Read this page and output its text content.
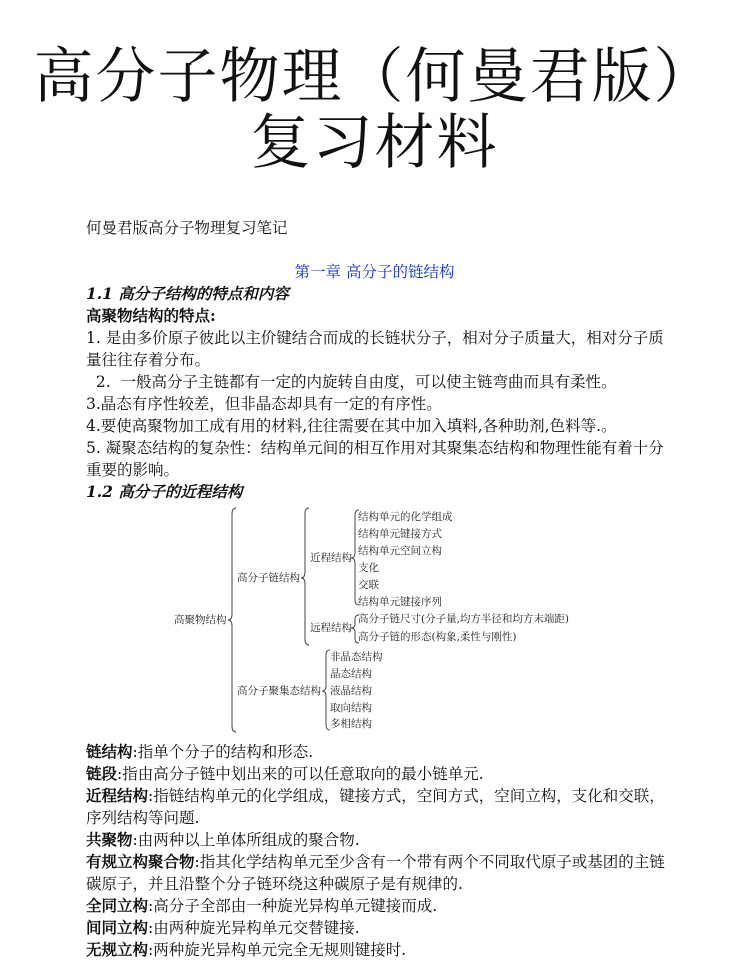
高分子物理（何曼君版）
复习材料
何曼君版高分子物理复习笔记
第一章 高分子的链结构

1.1 高分子结构的特点和内容

高聚物结构的特点:

1. 是由多价原子彼此以主价键结合而成的长链状分子，相对分子质量大，相对分子质量往往存着分布。

2.  一般高分子主链都有一定的内旋转自由度，可以使主链弯曲而具有柔性。

3.晶态有序性较差，但非晶态却具有一定的有序性。

4.要使高聚物加工成有用的材料,往往需要在其中加入填料,各种助剂,色料等.。

5. 凝聚态结构的复杂性：结构单元间的相互作用对其聚集态结构和物理性能有着十分重要的影响。

1.2 高分子的近程结构

高聚物结构
高分子链结构
近程结构
结构单元的化学组成
结构单元键接方式
结构单元空间立构
支化
交联
结构单元键接序列
远程结构
高分子链尺寸(分子量,均方半径和均方末端距)
高分子链的形态(构象,柔性与刚性)
高分子聚集态结构
非晶态结构
晶态结构
液晶结构
取向结构
多相结构

链结构:指单个分子的结构和形态.

链段:指由高分子链中划出来的可以任意取向的最小链单元.

近程结构:指链结构单元的化学组成，键接方式，空间方式，空间立构，支化和交联，序列结构等问题.

共聚物:由两种以上单体所组成的聚合物.

有规立构聚合物:指其化学结构单元至少含有一个带有两个不同取代原子或基团的主链碳原子，并且沿整个分子链环绕这种碳原子是有规律的.

全同立构:高分子全部由一种旋光异构单元键接而成.

间同立构:由两种旋光异构单元交替键接.

无规立构:两种旋光异构单元完全无规则键接时.
